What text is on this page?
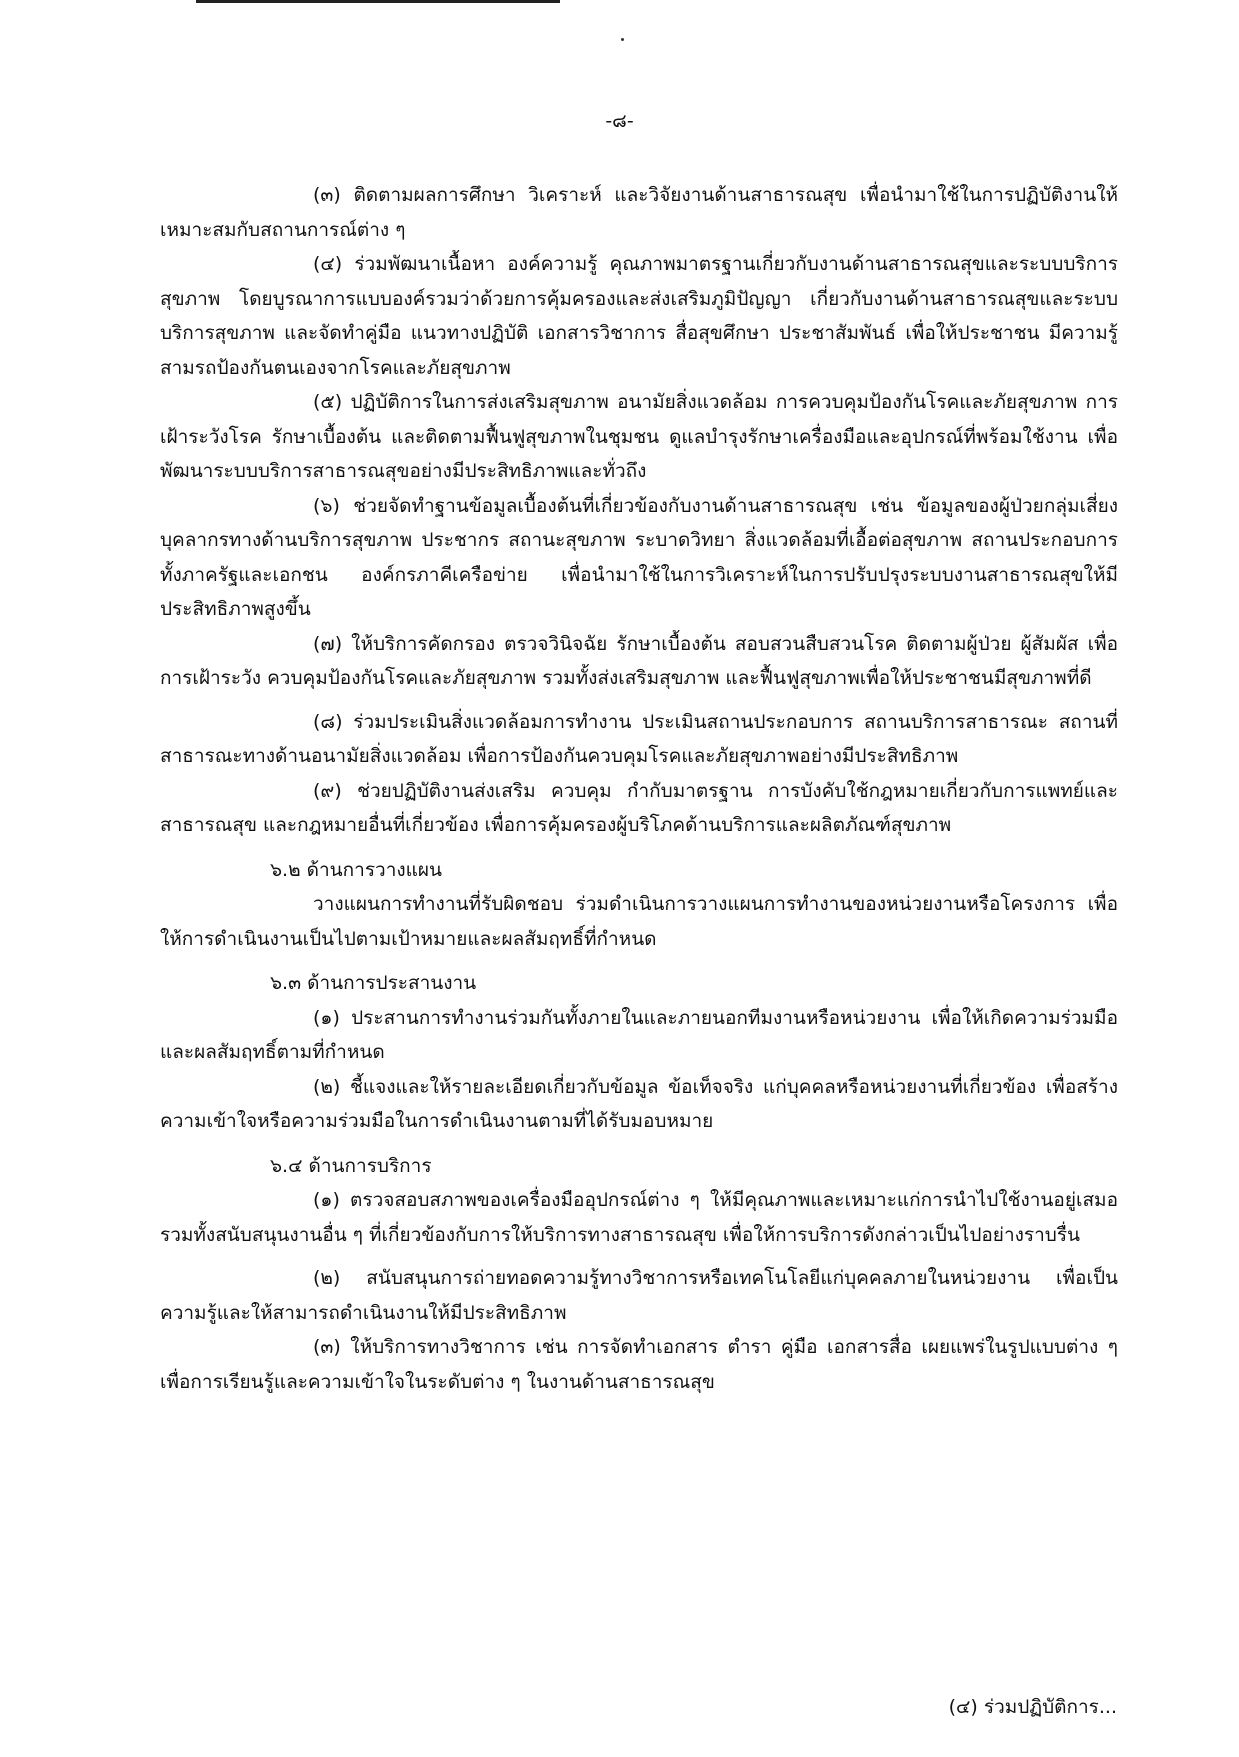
-๘-

(๓) ติดตามผลการศึกษา วิเคราะห์ และวิจัยงานด้านสาธารณสุข เพื่อนำมาใช้ในการปฏิบัติงานให้เหมาะสมกับสถานการณ์ต่าง ๆ

(๔) ร่วมพัฒนาเนื้อหา องค์ความรู้ คุณภาพมาตรฐานเกี่ยวกับงานด้านสาธารณสุขและระบบบริการสุขภาพ โดยบูรณาการแบบองค์รวมว่าด้วยการคุ้มครองและส่งเสริมภูมิปัญญา เกี่ยวกับงานด้านสาธารณสุขและระบบบริการสุขภาพ และจัดทำคู่มือ แนวทางปฏิบัติ เอกสารวิชาการ สื่อสุขศึกษา ประชาสัมพันธ์ เพื่อให้ประชาชน มีความรู้ สามรถป้องกันตนเองจากโรคและภัยสุขภาพ

(๕) ปฏิบัติการในการส่งเสริมสุขภาพ อนามัยสิ่งแวดล้อม การควบคุมป้องกันโรคและภัยสุขภาพ การเฝ้าระวังโรค รักษาเบื้องต้น และติดตามฟื้นฟูสุขภาพในชุมชน ดูแลบำรุงรักษาเครื่องมือและอุปกรณ์ที่พร้อมใช้งาน เพื่อพัฒนาระบบบริการสาธารณสุขอย่างมีประสิทธิภาพและทั่วถึง

(๖) ช่วยจัดทำฐานข้อมูลเบื้องต้นที่เกี่ยวข้องกับงานด้านสาธารณสุข เช่น ข้อมูลของผู้ป่วยกลุ่มเสี่ยง บุคลากรทางด้านบริการสุขภาพ ประชากร สถานะสุขภาพ ระบาดวิทยา สิ่งแวดล้อมที่เอื้อต่อสุขภาพ สถานประกอบการทั้งภาครัฐและเอกชน องค์กรภาคีเครือข่าย เพื่อนำมาใช้ในการวิเคราะห์ในการปรับปรุงระบบงานสาธารณสุขให้มีประสิทธิภาพสูงขึ้น

(๗) ให้บริการคัดกรอง ตรวจวินิจฉัย รักษาเบื้องต้น สอบสวนสืบสวนโรค ติดตามผู้ป่วย ผู้สัมผัส เพื่อการเฝ้าระวัง ควบคุมป้องกันโรคและภัยสุขภาพ รวมทั้งส่งเสริมสุขภาพ และฟื้นฟูสุขภาพเพื่อให้ประชาชนมีสุขภาพที่ดี

(๘) ร่วมประเมินสิ่งแวดล้อมการทำงาน ประเมินสถานประกอบการ สถานบริการสาธารณะ สถานที่สาธารณะทางด้านอนามัยสิ่งแวดล้อม เพื่อการป้องกันควบคุมโรคและภัยสุขภาพอย่างมีประสิทธิภาพ

(๙) ช่วยปฏิบัติงานส่งเสริม ควบคุม กำกับมาตรฐาน การบังคับใช้กฎหมายเกี่ยวกับการแพทย์และสาธารณสุข และกฎหมายอื่นที่เกี่ยวข้อง เพื่อการคุ้มครองผู้บริโภคด้านบริการและผลิตภัณฑ์สุขภาพ

๖.๒ ด้านการวางแผน

วางแผนการทำงานที่รับผิดชอบ ร่วมดำเนินการวางแผนการทำงานของหน่วยงานหรือโครงการ เพื่อให้การดำเนินงานเป็นไปตามเป้าหมายและผลสัมฤทธิ์ที่กำหนด

๖.๓ ด้านการประสานงาน

(๑) ประสานการทำงานร่วมกันทั้งภายในและภายนอกทีมงานหรือหน่วยงาน เพื่อให้เกิดความร่วมมือและผลสัมฤทธิ์ตามที่กำหนด

(๒) ชี้แจงและให้รายละเอียดเกี่ยวกับข้อมูล ข้อเท็จจริง แก่บุคคลหรือหน่วยงานที่เกี่ยวข้อง เพื่อสร้างความเข้าใจหรือความร่วมมือในการดำเนินงานตามที่ได้รับมอบหมาย

๖.๔ ด้านการบริการ

(๑) ตรวจสอบสภาพของเครื่องมืออุปกรณ์ต่าง ๆ ให้มีคุณภาพและเหมาะแก่การนำไปใช้งานอยู่เสมอ รวมทั้งสนับสนุนงานอื่น ๆ ที่เกี่ยวข้องกับการให้บริการทางสาธารณสุข เพื่อให้การบริการดังกล่าวเป็นไปอย่างราบรื่น

(๒) สนับสนุนการถ่ายทอดความรู้ทางวิชาการหรือเทคโนโลยีแก่บุคคลภายในหน่วยงาน เพื่อเป็นความรู้และให้สามารถดำเนินงานให้มีประสิทธิภาพ

(๓) ให้บริการทางวิชาการ เช่น การจัดทำเอกสาร ตำรา คู่มือ เอกสารสื่อ เผยแพร่ในรูปแบบต่าง ๆ เพื่อการเรียนรู้และความเข้าใจในระดับต่าง ๆ ในงานด้านสาธารณสุข

(๔) ร่วมปฏิบัติการ...
